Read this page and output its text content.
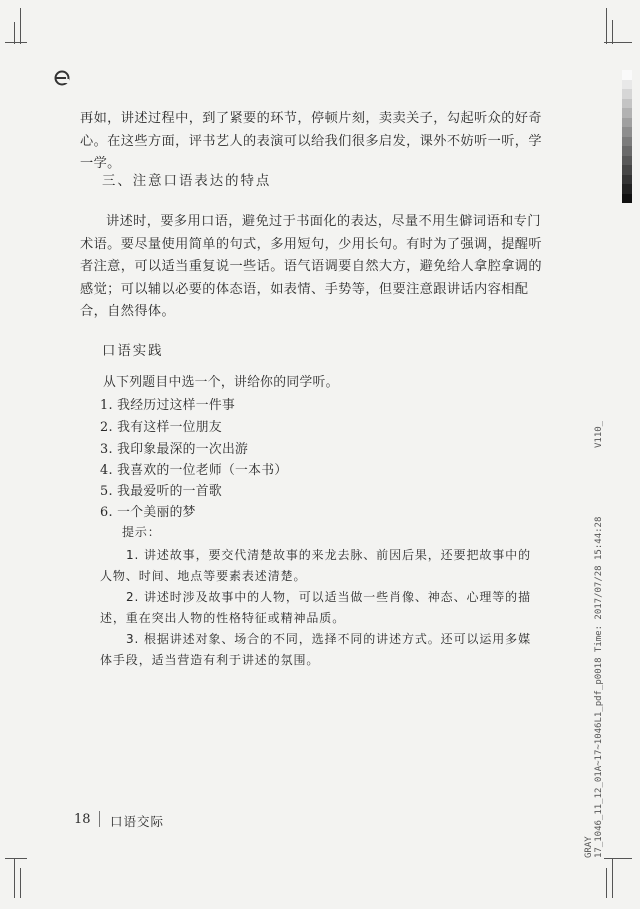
再如，讲述过程中，到了紧要的环节，停顿片刻，卖卖关子，勾起听众的好奇心。在这些方面，评书艺人的表演可以给我们很多启发，课外不妨听一听，学一学。
三、注意口语表达的特点
讲述时，要多用口语，避免过于书面化的表达，尽量不用生僻词语和专门术语。要尽量使用简单的句式，多用短句，少用长句。有时为了强调，提醒听者注意，可以适当重复说一些话。语气语调要自然大方，避免给人拿腔拿调的感觉；可以辅以必要的体态语，如表情、手势等，但要注意跟讲话内容相配合，自然得体。
口语实践
从下列题目中选一个，讲给你的同学听。
1. 我经历过这样一件事
2. 我有这样一位朋友
3. 我印象最深的一次出游
4. 我喜欢的一位老师（一本书）
5. 我最爱听的一首歌
6. 一个美丽的梦
提示：
1. 讲述故事，要交代清楚故事的来龙去脉、前因后果，还要把故事中的人物、时间、地点等要素表述清楚。
2. 讲述时涉及故事中的人物，可以适当做一些肖像、神态、心理等的描述，重在突出人物的性格特征或精神品质。
3. 根据讲述对象、场合的不同，选择不同的讲述方式。还可以运用多媒体手段，适当营造有利于讲述的氛围。
18 口语交际
V110_
17_1046_11_12_01A~17~1046L1_pdf_p0018 Time: 2017/07/28 15:44:28
GRAY
